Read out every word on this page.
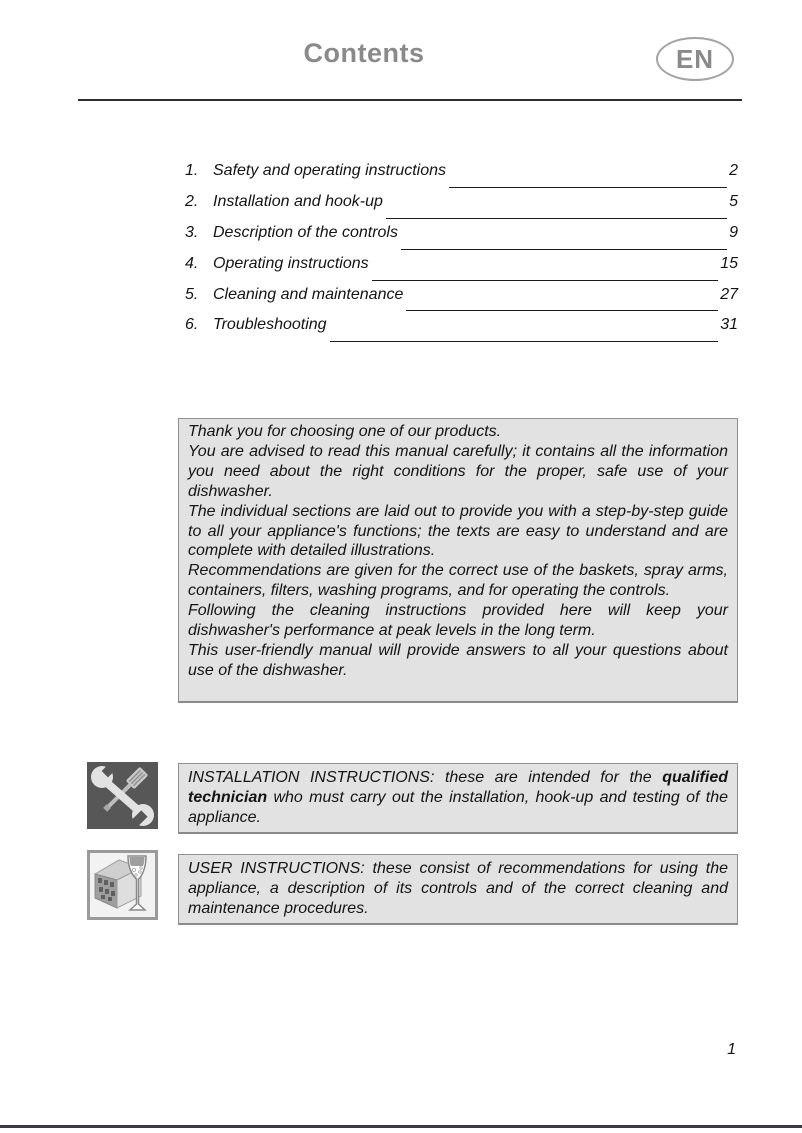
Contents	EN
1. Safety and operating instructions	2
2. Installation and hook-up	5
3. Description of the controls	9
4. Operating instructions	15
5. Cleaning and maintenance	27
6. Troubleshooting	31

Thank you for choosing one of our products.

You are advised to read this manual carefully; it contains all the information you need about the right conditions for the proper, safe use of your dishwasher.

The individual sections are laid out to provide you with a step-by-step guide to all your appliance's functions; the texts are easy to understand and are complete with detailed illustrations.

Recommendations are given for the correct use of the baskets, spray arms, containers, filters, washing programs, and for operating the controls.

Following the cleaning instructions provided here will keep your dishwasher's performance at peak levels in the long term.

This user-friendly manual will provide answers to all your questions about use of the dishwasher.

INSTALLATION INSTRUCTIONS: these are intended for the qualified technician who must carry out the installation, hook-up and testing of the appliance.

USER INSTRUCTIONS: these consist of recommendations for using the appliance, a description of its controls and of the correct cleaning and maintenance procedures.

1
